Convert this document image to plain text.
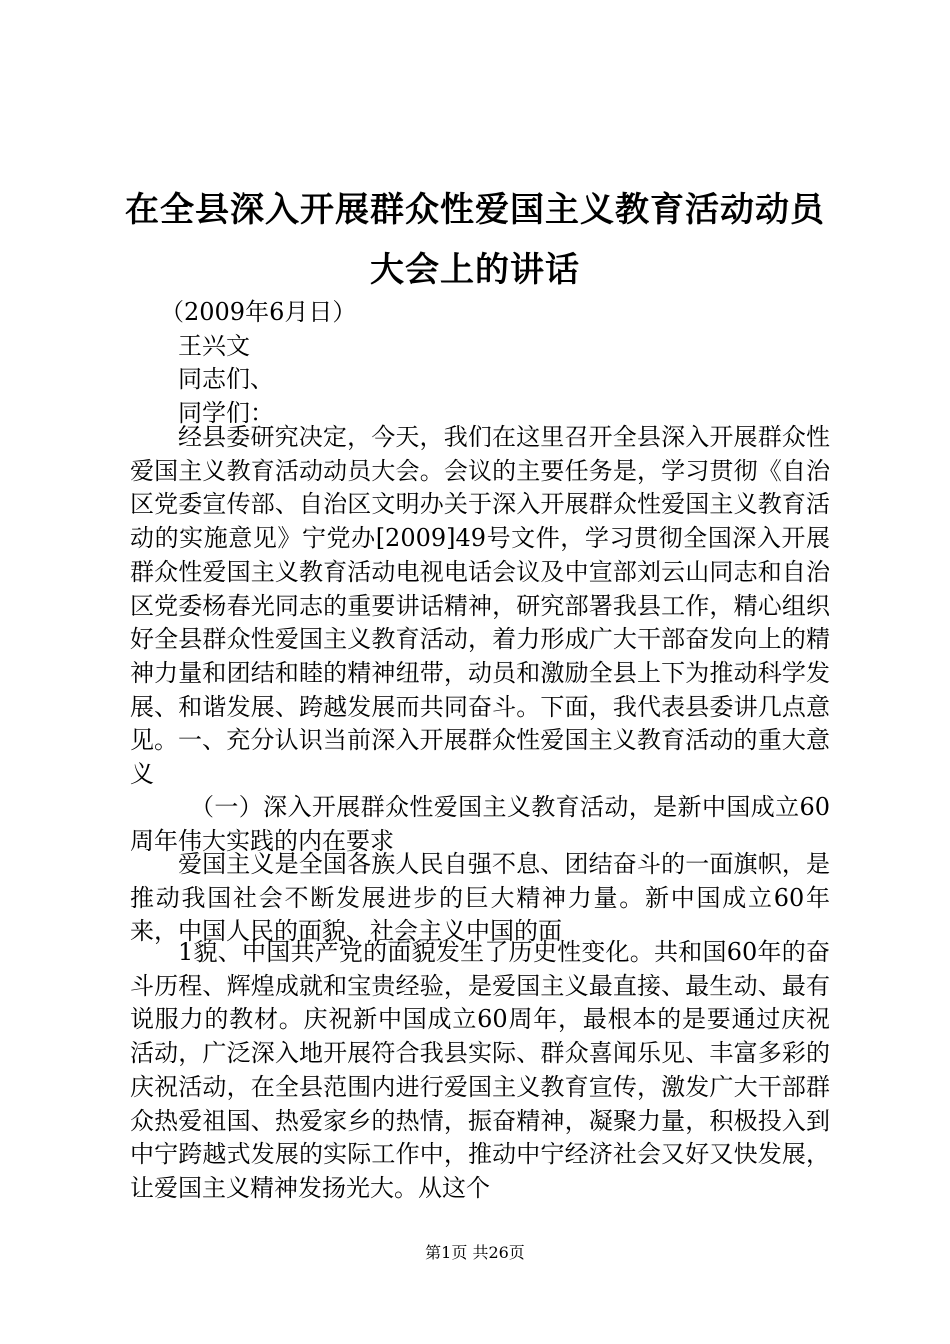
在全县深入开展群众性爱国主义教育活动动员
大会上的讲话
（2009年6月日）
王兴文
同志们、
同学们：
经县委研究决定，今天，我们在这里召开全县深入开展群众性爱国主义教育活动动员大会。会议的主要任务是，学习贯彻《自治区党委宣传部、自治区文明办关于深入开展群众性爱国主义教育活动的实施意见》宁党办[2009]49号文件，学习贯彻全国深入开展群众性爱国主义教育活动电视电话会议及中宣部刘云山同志和自治区党委杨春光同志的重要讲话精神，研究部署我县工作，精心组织好全县群众性爱国主义教育活动，着力形成广大干部奋发向上的精神力量和团结和睦的精神纽带，动员和激励全县上下为推动科学发展、和谐发展、跨越发展而共同奋斗。下面，我代表县委讲几点意见。 一、充分认识当前深入开展群众性爱国主义教育活动的重大意义
（一）深入开展群众性爱国主义教育活动，是新中国成立60周年伟大实践的内在要求
爱国主义是全国各族人民自强不息、团结奋斗的一面旗帜，是推动我国社会不断发展进步的巨大精神力量。新中国成立60年来，中国人民的面貌、社会主义中国的面
1貌、中国共产党的面貌发生了历史性变化。共和国60年的奋斗历程、辉煌成就和宝贵经验，是爱国主义最直接、最生动、最有说服力的教材。庆祝新中国成立60周年，最根本的是要通过庆祝活动，广泛深入地开展符合我县实际、群众喜闻乐见、丰富多彩的庆祝活动，在全县范围内进行爱国主义教育宣传，激发广大干部群众热爱祖国、热爱家乡的热情，振奋精神，凝聚力量，积极投入到中宁跨越式发展的实际工作中，推动中宁经济社会又好又快发展，让爱国主义精神发扬光大。从这个
第1页 共26页
